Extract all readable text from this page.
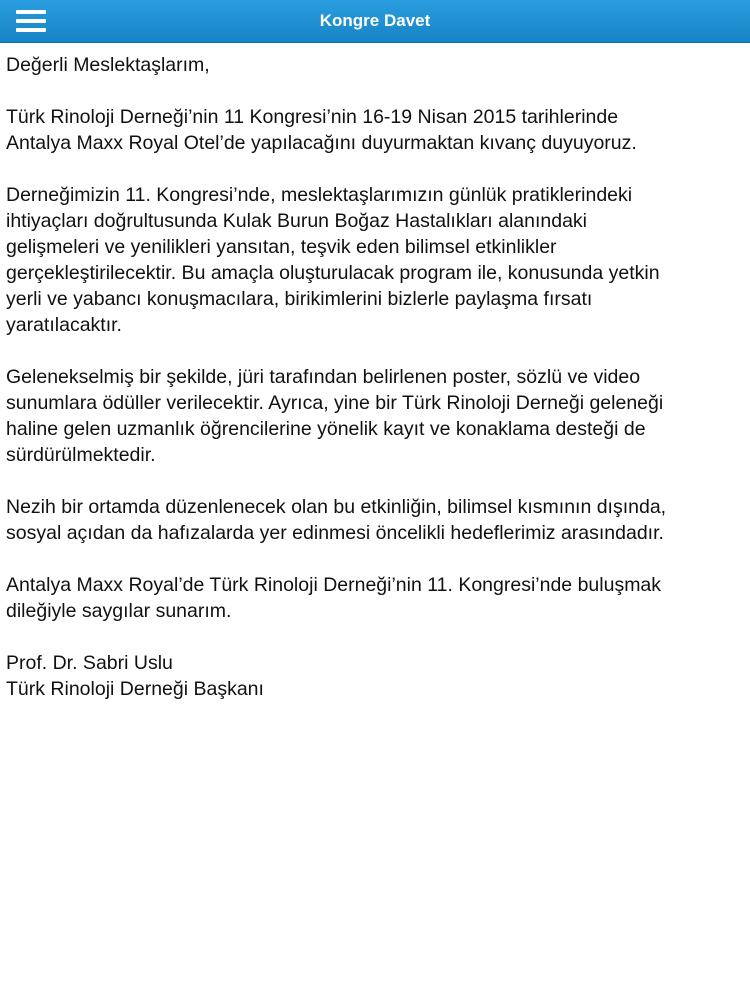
Kongre Davet

Değerli Meslektaşlarım,

Türk Rinoloji Derneği’nin 11 Kongresi’nin 16-19 Nisan 2015 tarihlerinde
Antalya Maxx Royal Otel’de yapılacağını duyurmaktan kıvanç duyuyoruz.

Derneğimizin 11. Kongresi’nde, meslektaşlarımızın günlük pratiklerindeki
ihtiyaçları doğrultusunda Kulak Burun Boğaz Hastalıkları alanındaki
gelişmeleri ve yenilikleri yansıtan, teşvik eden bilimsel etkinlikler
gerçekleştirilecektir. Bu amaçla oluşturulacak program ile, konusunda yetkin
yerli ve yabancı konuşmacılara, birikimlerini bizlerle paylaşma fırsatı
yaratılacaktır.

Gelenekselmiş bir şekilde, jüri tarafından belirlenen poster, sözlü ve video
sunumlara ödüller verilecektir. Ayrıca, yine bir Türk Rinoloji Derneği geleneği
haline gelen uzmanlık öğrencilerine yönelik kayıt ve konaklama desteği de
sürdürülmektedir.

Nezih bir ortamda düzenlenecek olan bu etkinliğin, bilimsel kısmının dışında,
sosyal açıdan da hafızalarda yer edinmesi öncelikli hedeflerimiz arasındadır.

Antalya Maxx Royal’de Türk Rinoloji Derneği’nin 11. Kongresi’nde buluşmak
dileğiyle saygılar sunarım.

Prof. Dr. Sabri Uslu

Türk Rinoloji Derneği Başkanı
